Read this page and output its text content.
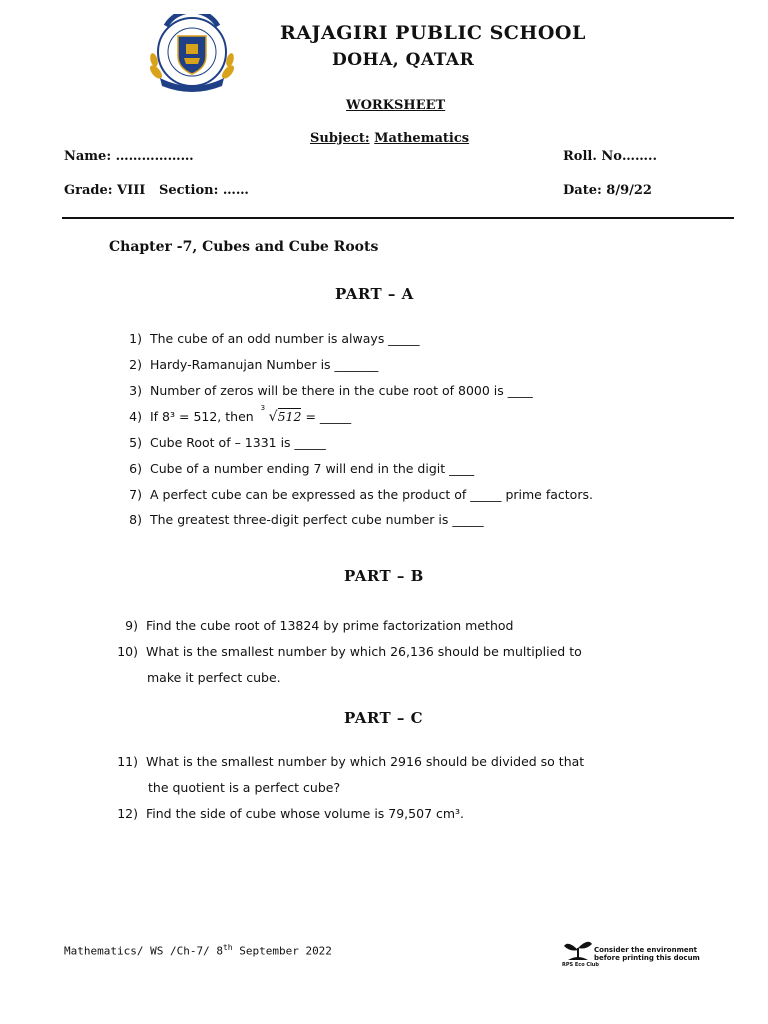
RAJAGIRI PUBLIC SCHOOL
DOHA, QATAR
WORKSHEET
Subject: Mathematics
Name: ………………	Roll. No……..
Grade: VIII   Section: ……	Date: 8/9/22
Chapter -7, Cubes and Cube Roots
PART – A
1) The cube of an odd number is always _____
2) Hardy-Ramanujan Number is _______
3) Number of zeros will be there in the cube root of 8000 is ____
4) If 8³ = 512, then
3
√512 = _____
5) Cube Root of – 1331 is _____
6) Cube of a number ending 7 will end in the digit ____
7) A perfect cube can be expressed as the product of _____ prime factors.
8) The greatest three-digit perfect cube number is _____
PART – B
9) Find the cube root of 13824 by prime factorization method
10) What is the smallest number by which 26,136 should be multiplied to
make it perfect cube.
PART – C
11) What is the smallest number by which 2916 should be divided so that
the quotient is a perfect cube?
12) Find the side of cube whose volume is 79,507 cm³.
Mathematics/ WS /Ch-7/ 8th September 2022	Consider the environment
before printing this docum
RPS Eco Club
